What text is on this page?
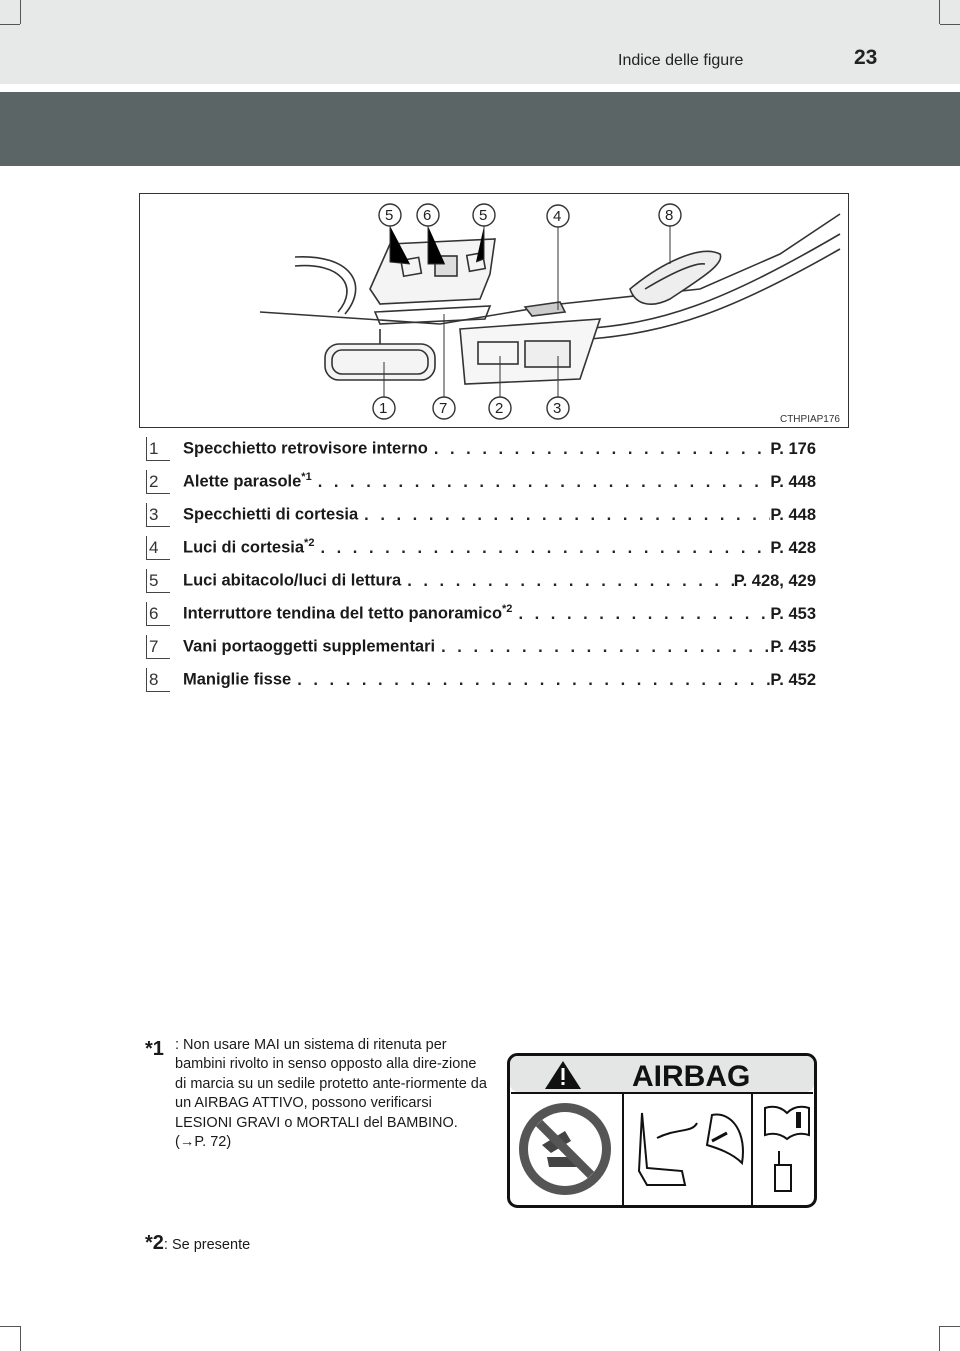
Indice delle figure	23
5 6	5	4	8
1	7	2	3
CTHPIAP176
1 Specchietto retrovisore interno . . .	P. 176
2 Alette parasole$^{*1}$ . . .	P. 448
3 Specchietti di cortesia . . .	P. 448
4 Luci di cortesia$^{*2}$ . . .	P. 428
5 Luci abitacolo/luci di lettura . . .	P. 428, 429
6 Interruttore tendina del tetto panoramico$^{*2}$ . . .	P. 453
7 Vani portaoggetti supplementari . . .	P. 435
8 Maniglie fisse . . .	P. 452
*1 : Non usare MAI un sistema di ritenuta per bambini rivolto in senso opposto alla dire-zione di marcia su un sedile protetto ante-riormente da un AIRBAG ATTIVO, possono verificarsi LESIONI GRAVI o MORTALI del BAMBINO. (→P. 72)
*2: Se presente
AIRBAG
